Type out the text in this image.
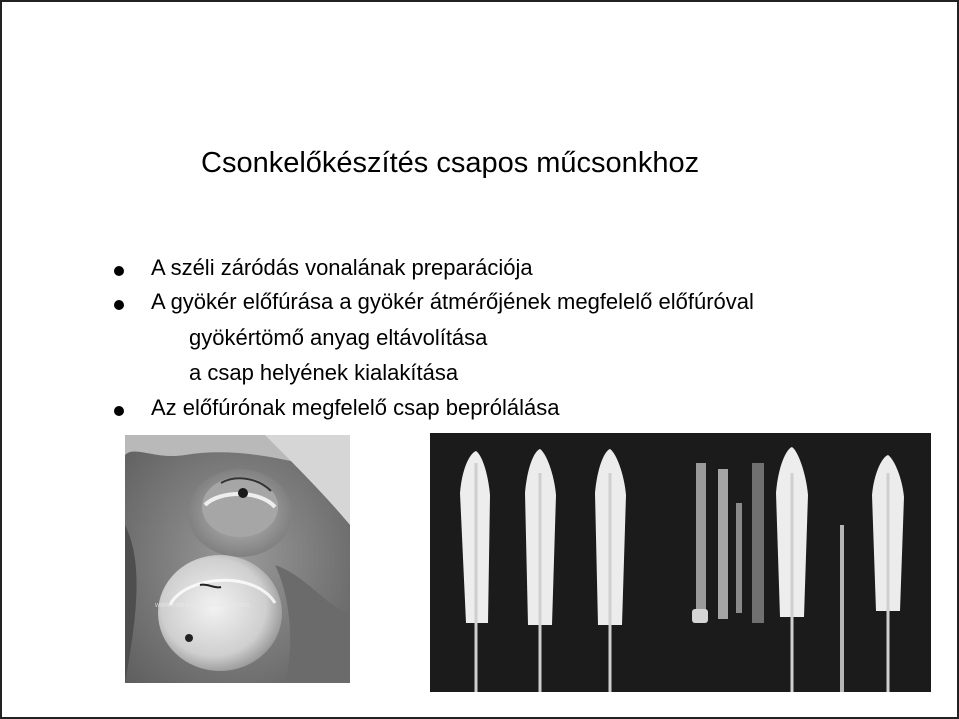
Csonkelőkészítés csapos műcsonkhoz
A széli záródás vonalának preparációja
A gyökér előfúrása a gyökér átmérőjének megfelelő előfúróval
gyökértömő anyag eltávolítása
a csap helyének kialakítása
Az előfúrónak megfelelő csap beprólálása
www.onlinedentallearning.com
